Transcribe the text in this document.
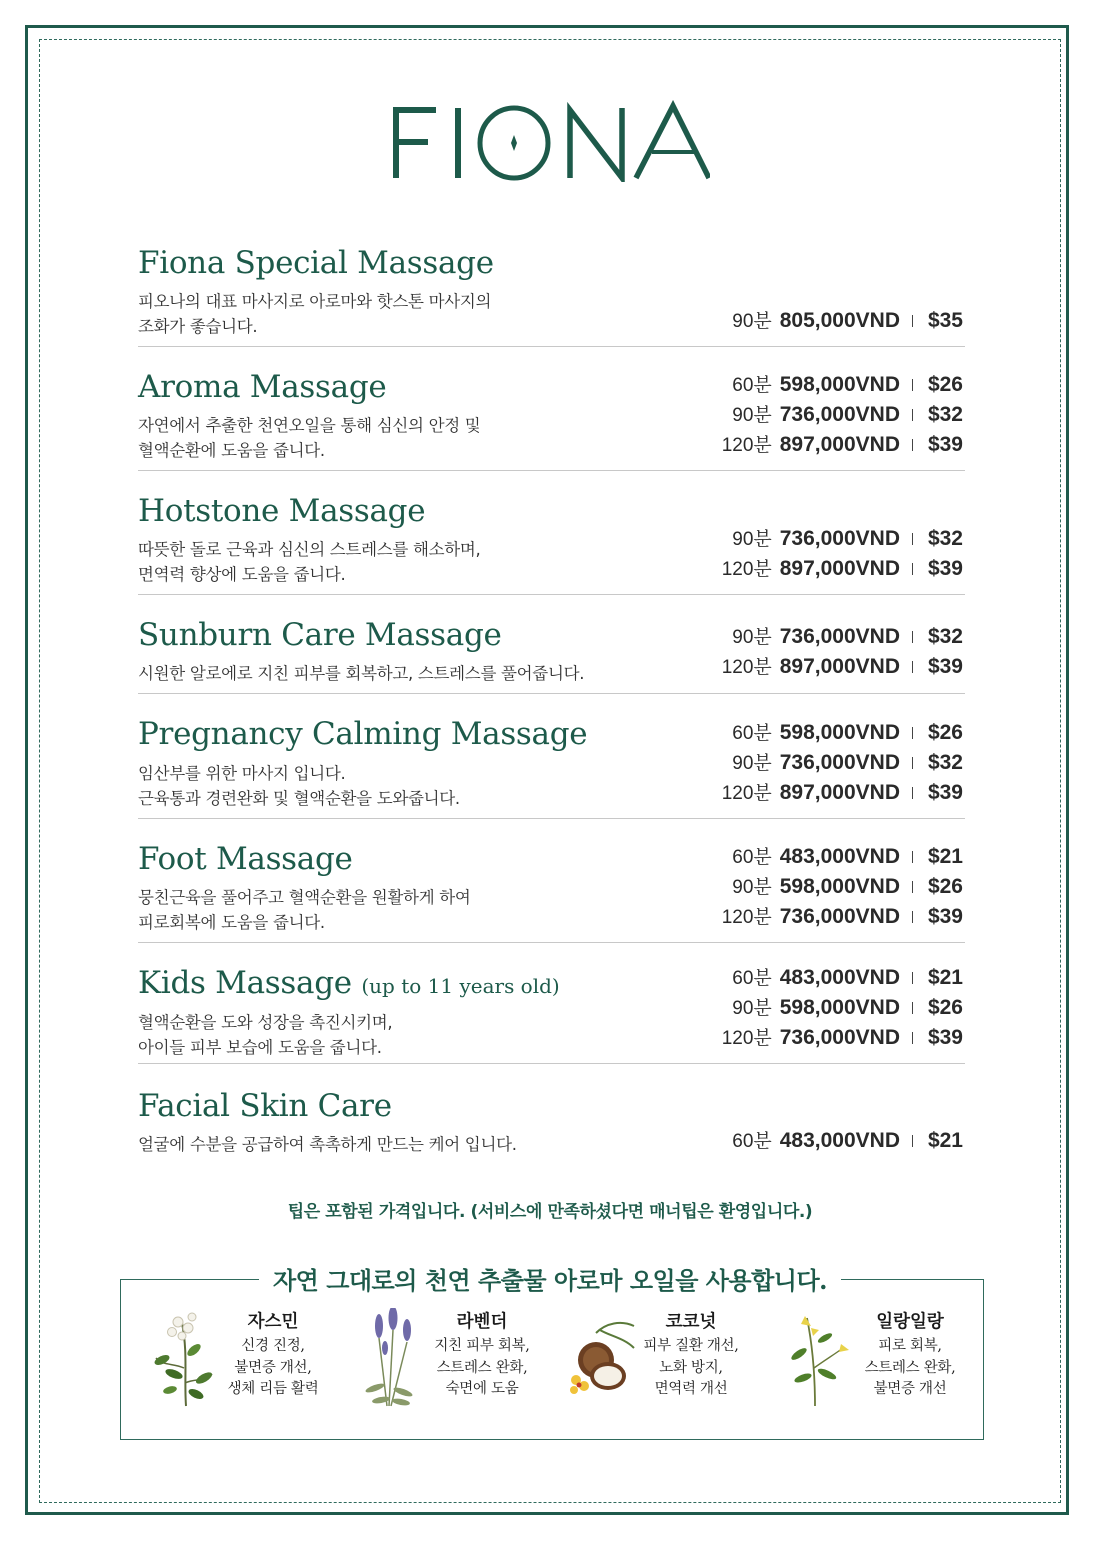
Fiona Special Massage
피오나의 대표 마사지로 아로마와 핫스톤 마사지의
조화가 좋습니다.	90분 805,000VND $35
Aroma Massage
자연에서 추출한 천연오일을 통해 심신의 안정 및
혈액순환에 도움을 줍니다.
60분 598,000VND $26
90분 736,000VND $32
120분 897,000VND $39
Hotstone Massage
따뜻한 돌로 근육과 심신의 스트레스를 해소하며,
면역력 향상에 도움을 줍니다.
90분 736,000VND $32
120분 897,000VND $39
Sunburn Care Massage
시원한 알로에로 지친 피부를 회복하고, 스트레스를 풀어줍니다.
90분 736,000VND $32
120분 897,000VND $39
Pregnancy Calming Massage
임산부를 위한 마사지 입니다.
근육통과 경련완화 및 혈액순환을 도와줍니다.
60분 598,000VND $26
90분 736,000VND $32
120분 897,000VND $39
Foot Massage
뭉친근육을 풀어주고 혈액순환을 원활하게 하여
피로회복에 도움을 줍니다.
60분 483,000VND $21
90분 598,000VND $26
120분 736,000VND $39
Kids Massage (up to 11 years old)
혈액순환을 도와 성장을 촉진시키며,
아이들 피부 보습에 도움을 줍니다.
60분 483,000VND $21
90분 598,000VND $26
120분 736,000VND $39
Facial Skin Care
얼굴에 수분을 공급하여 촉촉하게 만드는 케어 입니다.	60분 483,000VND $21
팁은 포함된 가격입니다. (서비스에 만족하셨다면 매너팁은 환영입니다.)
자연 그대로의 천연 추출물 아로마 오일을 사용합니다.
자스민
신경 진정,
불면증 개선,
생체 리듬 활력
라벤더
지친 피부 회복,
스트레스 완화,
숙면에 도움
코코넛
피부 질환 개선,
노화 방지,
면역력 개선
일랑일랑
피로 회복,
스트레스 완화,
불면증 개선
